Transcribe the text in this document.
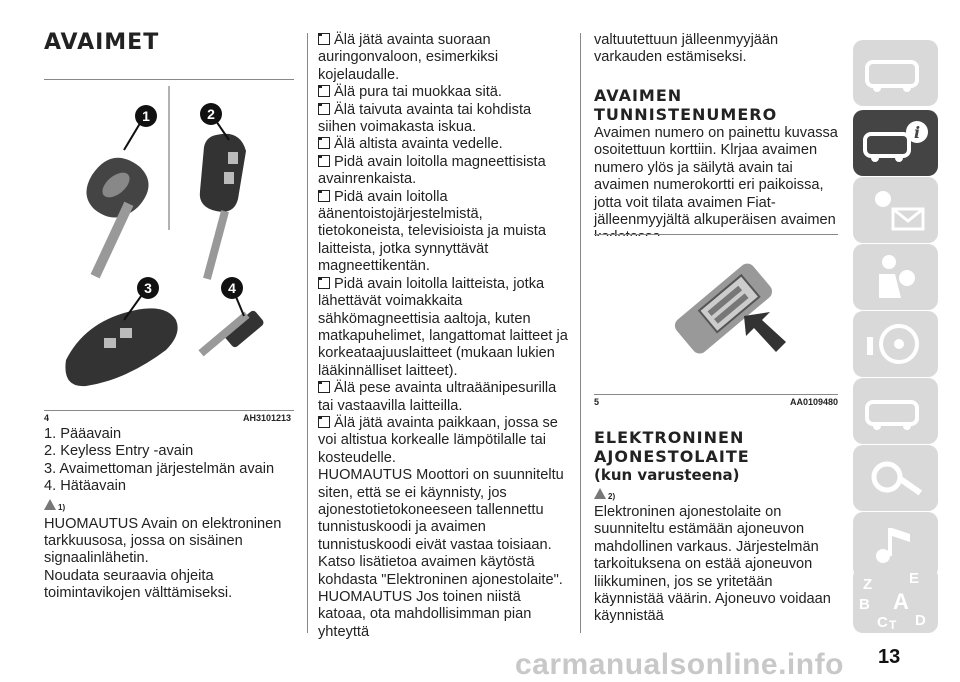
AVAIMET
1	2
3	4
4	AH3101213
1. Pääavain
2. Keyless Entry -avain
3. Avaimettoman järjestelmän avain
4. Hätäavain
1)
HUOMAUTUS Avain on elektroninen tarkkuusosa, jossa on sisäinen signaalinlähetin.
Noudata seuraavia ohjeita toimintavikojen välttämiseksi.
Älä jätä avainta suoraan auringonvaloon, esimerkiksi kojelaudalle.
Älä pura tai muokkaa sitä.
Älä taivuta avainta tai kohdista siihen voimakasta iskua.
Älä altista avainta vedelle.
Pidä avain loitolla magneettisista avainrenkaista.
Pidä avain loitolla äänentoistojärjestelmistä, tietokoneista, televisioista ja muista laitteista, jotka synnyttävät magneettikentän.
Pidä avain loitolla laitteista, jotka lähettävät voimakkaita sähkömagneettisia aaltoja, kuten matkapuhelimet, langattomat laitteet ja korkeataajuuslaitteet (mukaan lukien lääkinnälliset laitteet).
Älä pese avainta ultraäänipesurilla tai vastaavilla laitteilla.
Älä jätä avainta paikkaan, jossa se voi altistua korkealle lämpötilalle tai kosteudelle.
HUOMAUTUS Moottori on suunniteltu siten, että se ei käynnisty, jos ajonestotietokoneeseen tallennettu tunnistuskoodi ja avaimen tunnistuskoodi eivät vastaa toisiaan. Katso lisätietoa avaimen käytöstä kohdasta "Elektroninen ajonestolaite".
HUOMAUTUS Jos toinen niistä katoaa, ota mahdollisimman pian yhteyttä
valtuutettuun jälleenmyyjään varkauden estämiseksi.
AVAIMEN
TUNNISTENUMERO
Avaimen numero on painettu kuvassa osoitettuun korttiin. Klrjaa avaimen numero ylös ja säilytä avain tai avaimen numerokortti eri paikoissa, jotta voit tilata avaimen Fiat-jälleenmyyjältä alkuperäisen avaimen
5	AA0109480
ELEKTRONINEN
AJONESTOLAITE
(kun varusteena)
2)
Elektroninen ajonestolaite on suunniteltu estämään ajoneuvon mahdollinen varkaus. Järjestelmän tarkoituksena on estää ajoneuvon liikkuminen, jos se yritetään käynnistää väärin. Ajoneuvo voidaan käynnistää
i
Z E
B A
C T D
13
carmanualsonline.info
